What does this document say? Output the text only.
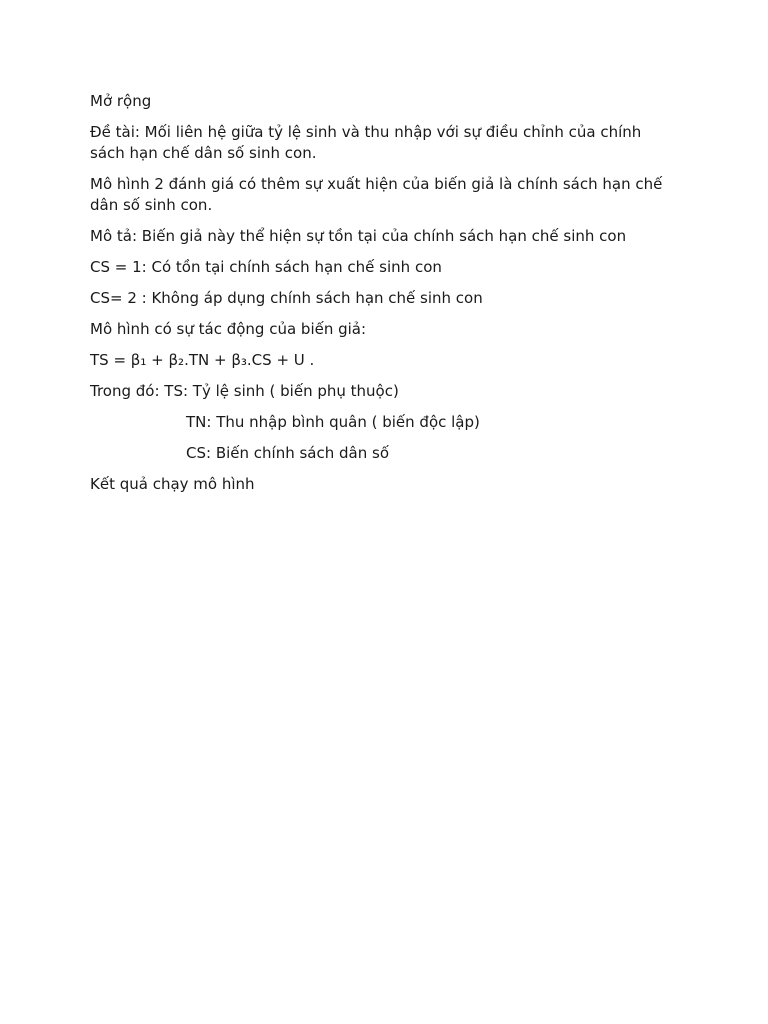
Mở rộng

Đề tài: Mối liên hệ giữa tỷ lệ sinh và thu nhập với sự điều chỉnh của chính sách hạn chế dân số sinh con.

Mô hình 2 đánh giá có thêm sự xuất hiện của biến giả là chính sách hạn chế dân số sinh con.

Mô tả: Biến giả này thể hiện sự tồn tại của chính sách hạn chế sinh con

CS = 1: Có tồn tại chính sách hạn chế sinh con

CS= 2 : Không áp dụng chính sách hạn chế sinh con

Mô hình có sự tác động của biến giả:

TS = β₁ + β₂.TN + β₃.CS + U .

Trong đó: TS: Tỷ lệ sinh ( biến phụ thuộc)

TN: Thu nhập bình quân ( biến độc lập)

CS: Biến chính sách dân số

Kết quả chạy mô hình
